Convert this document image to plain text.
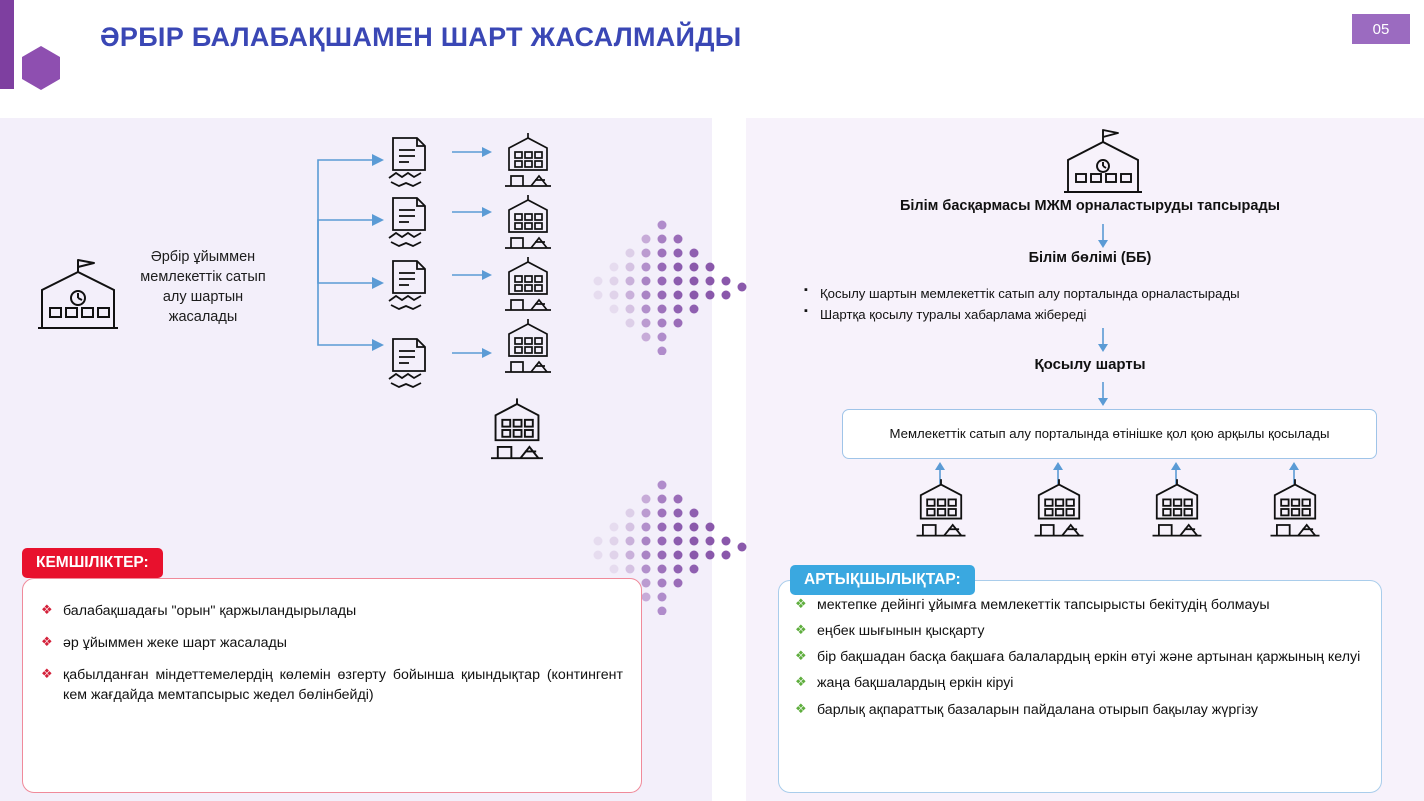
ӘРБІР БАЛАБАҚШАМЕН ШАРТ ЖАСАЛМАЙДЫ	05
Әрбір ұйыммен мемлекеттік сатып алу шартын жасалады
Білім басқармасы МЖМ орналастыруды тапсырады
Білім бөлімі (ББ)
▪ Қосылу шартын мемлекеттік сатып алу порталында орналастырады
▪ Шартқа қосылу туралы хабарлама жібереді
Қосылу шарты
Мемлекеттік сатып алу порталында өтінішке қол қою арқылы қосылады
КЕМШІЛІКТЕР:
❖ балабақшадағы "орын" қаржыландырылады
❖ әр ұйыммен жеке шарт жасалады
❖ қабылданған міндеттемелердің көлемін өзгерту бойынша қиындықтар (контингент кем жағдайда мемтапсырыс жедел бөлінбейді)
АРТЫҚШЫЛЫҚТАР:
❖ мектепке дейінгі ұйымға мемлекеттік тапсырысты бекітудің болмауы
❖ еңбек шығынын қысқарту
❖ бір бақшадан басқа бақшаға балалардың еркін өтуі және артынан қаржының келуі
❖ жаңа бақшалардың еркін кіруі
❖ барлық ақпараттық базаларын пайдалана отырып бақылау жүргізу
